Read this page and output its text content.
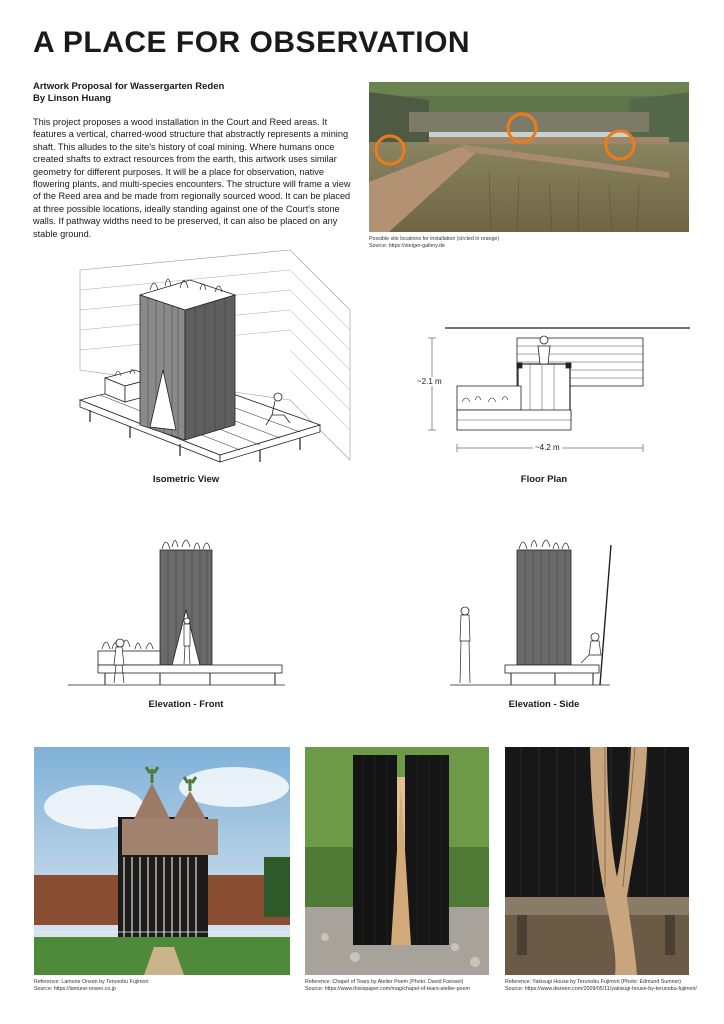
A PLACE FOR OBSERVATION
Artwork Proposal for Wassergarten Reden
By Linson Huang

This project proposes a wood installation in the Court and Reed areas. It features a vertical, charred-wood structure that abstractly represents a mining shaft. This alludes to the site's history of coal mining. Where humans once created shafts to extract resources from the earth, this artwork uses similar geometry for different purposes. It will be a place for observation, native flowering plants, and multi-species encounters. The structure will frame a view of the Reed area and be made from regionally sourced wood. It can be placed at three possible locations, ideally standing against one of the Court's stone walls. If pathway widths need to be preserved, it can also be placed on any stable ground.

Possible site locations for installation (circled in orange)
Source: https://steiger-gallery.de
Isometric View
~2.1 m
~4.2 m
Floor Plan
Elevation - Front	Elevation - Side
Reference: Lamune Onsen by Terunobu Fujimori
Source: https://lamune-onsen.co.jp
Reference: Chapel of Tears by Atelier Poem (Photo: David Foessel)
Source: https://www.thisispaper.com/mag/chapel-of-tears-atelier-poem
Reference: Yakisugi House by Terunobu Fujimori (Photo: Edmund Sumner)
Source: https://www.dezeen.com/2009/05/11/yakisugi-house-by-terunobu-fujimori/
